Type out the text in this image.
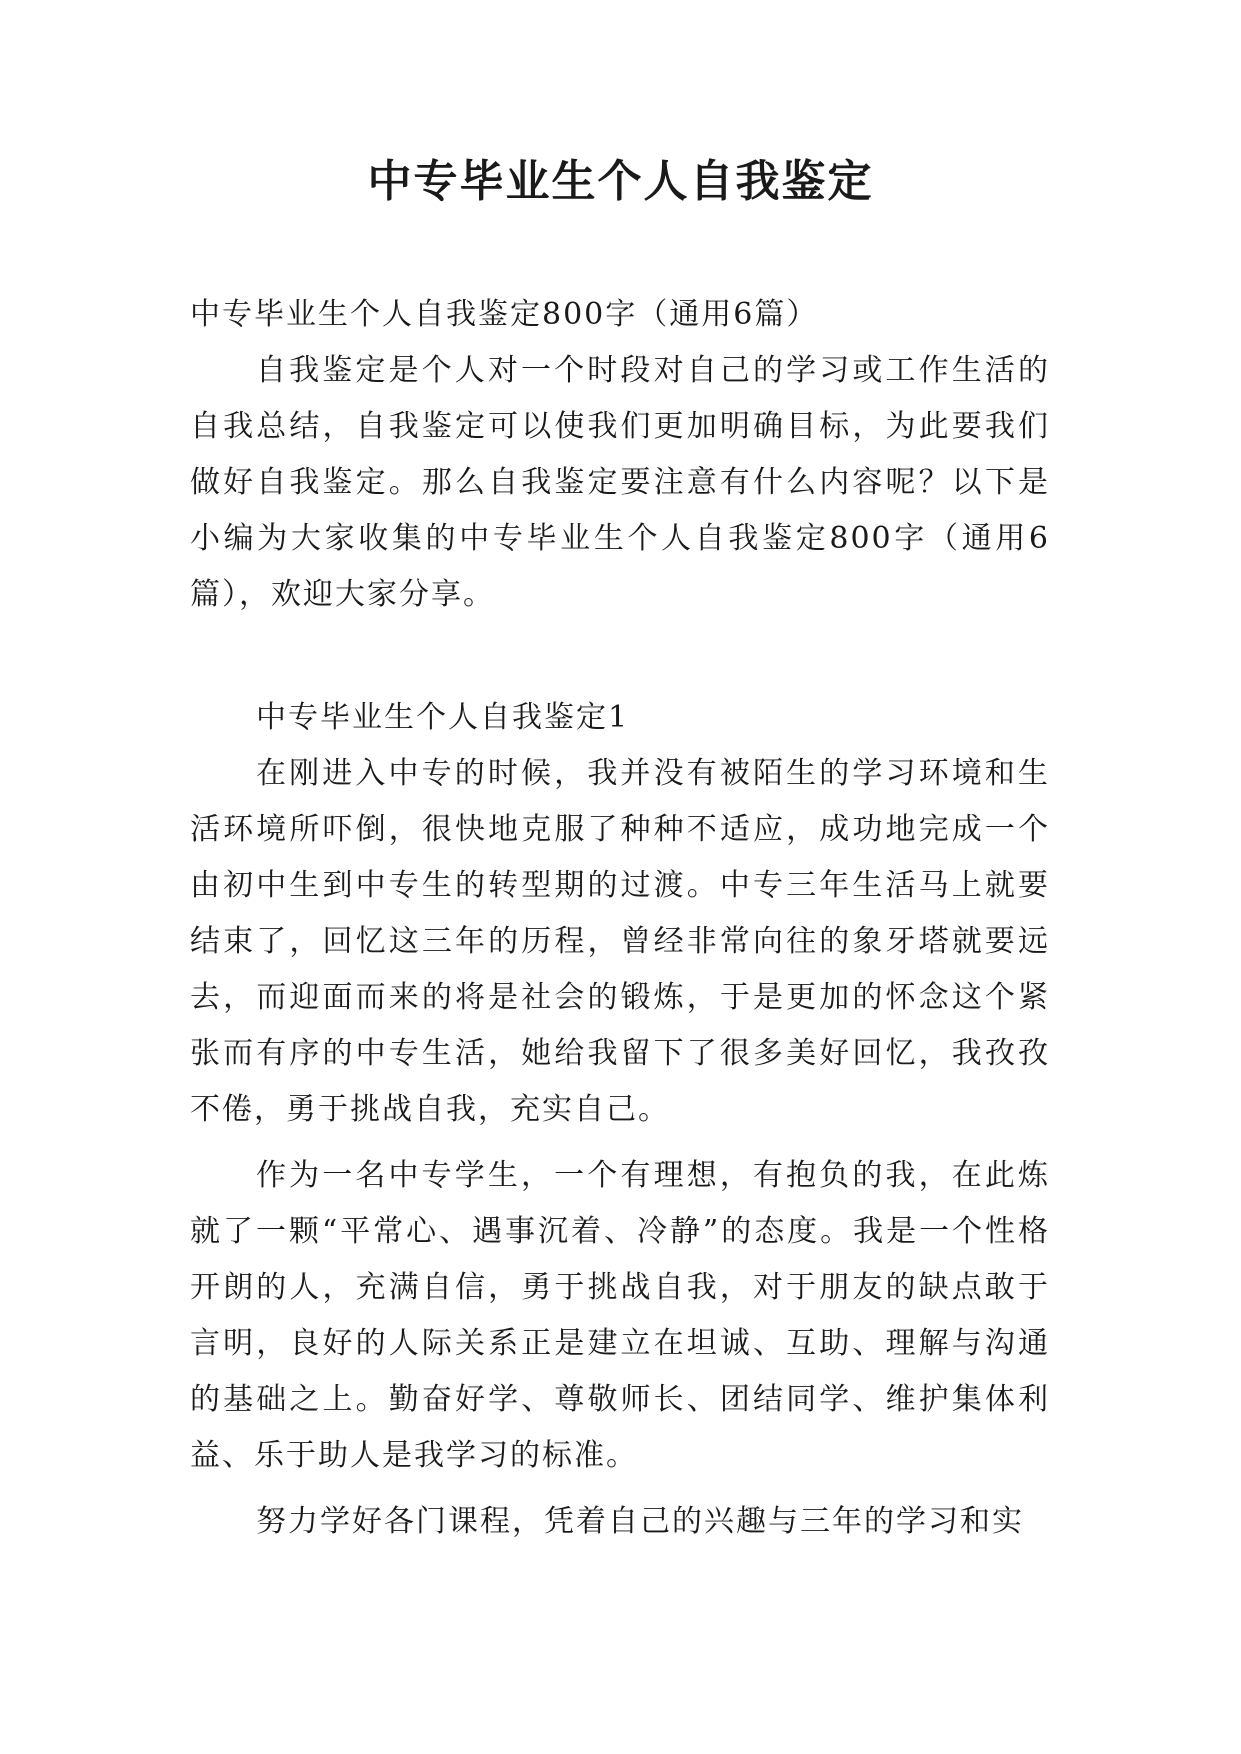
中专毕业生个人自我鉴定

中专毕业生个人自我鉴定800字（通用6篇）

自我鉴定是个人对一个时段对自己的学习或工作生活的自我总结，自我鉴定可以使我们更加明确目标，为此要我们做好自我鉴定。那么自我鉴定要注意有什么内容呢？以下是小编为大家收集的中专毕业生个人自我鉴定800字（通用6篇），欢迎大家分享。

中专毕业生个人自我鉴定1

在刚进入中专的时候，我并没有被陌生的学习环境和生活环境所吓倒，很快地克服了种种不适应，成功地完成一个由初中生到中专生的转型期的过渡。中专三年生活马上就要结束了，回忆这三年的历程，曾经非常向往的象牙塔就要远去，而迎面而来的将是社会的锻炼，于是更加的怀念这个紧张而有序的中专生活，她给我留下了很多美好回忆，我孜孜不倦，勇于挑战自我，充实自己。

作为一名中专学生，一个有理想，有抱负的我，在此炼就了一颗“平常心、遇事沉着、冷静”的态度。我是一个性格开朗的人，充满自信，勇于挑战自我，对于朋友的缺点敢于言明，良好的人际关系正是建立在坦诚、互助、理解与沟通的基础之上。勤奋好学、尊敬师长、团结同学、维护集体利益、乐于助人是我学习的标准。

努力学好各门课程，凭着自己的兴趣与三年的学习和实
